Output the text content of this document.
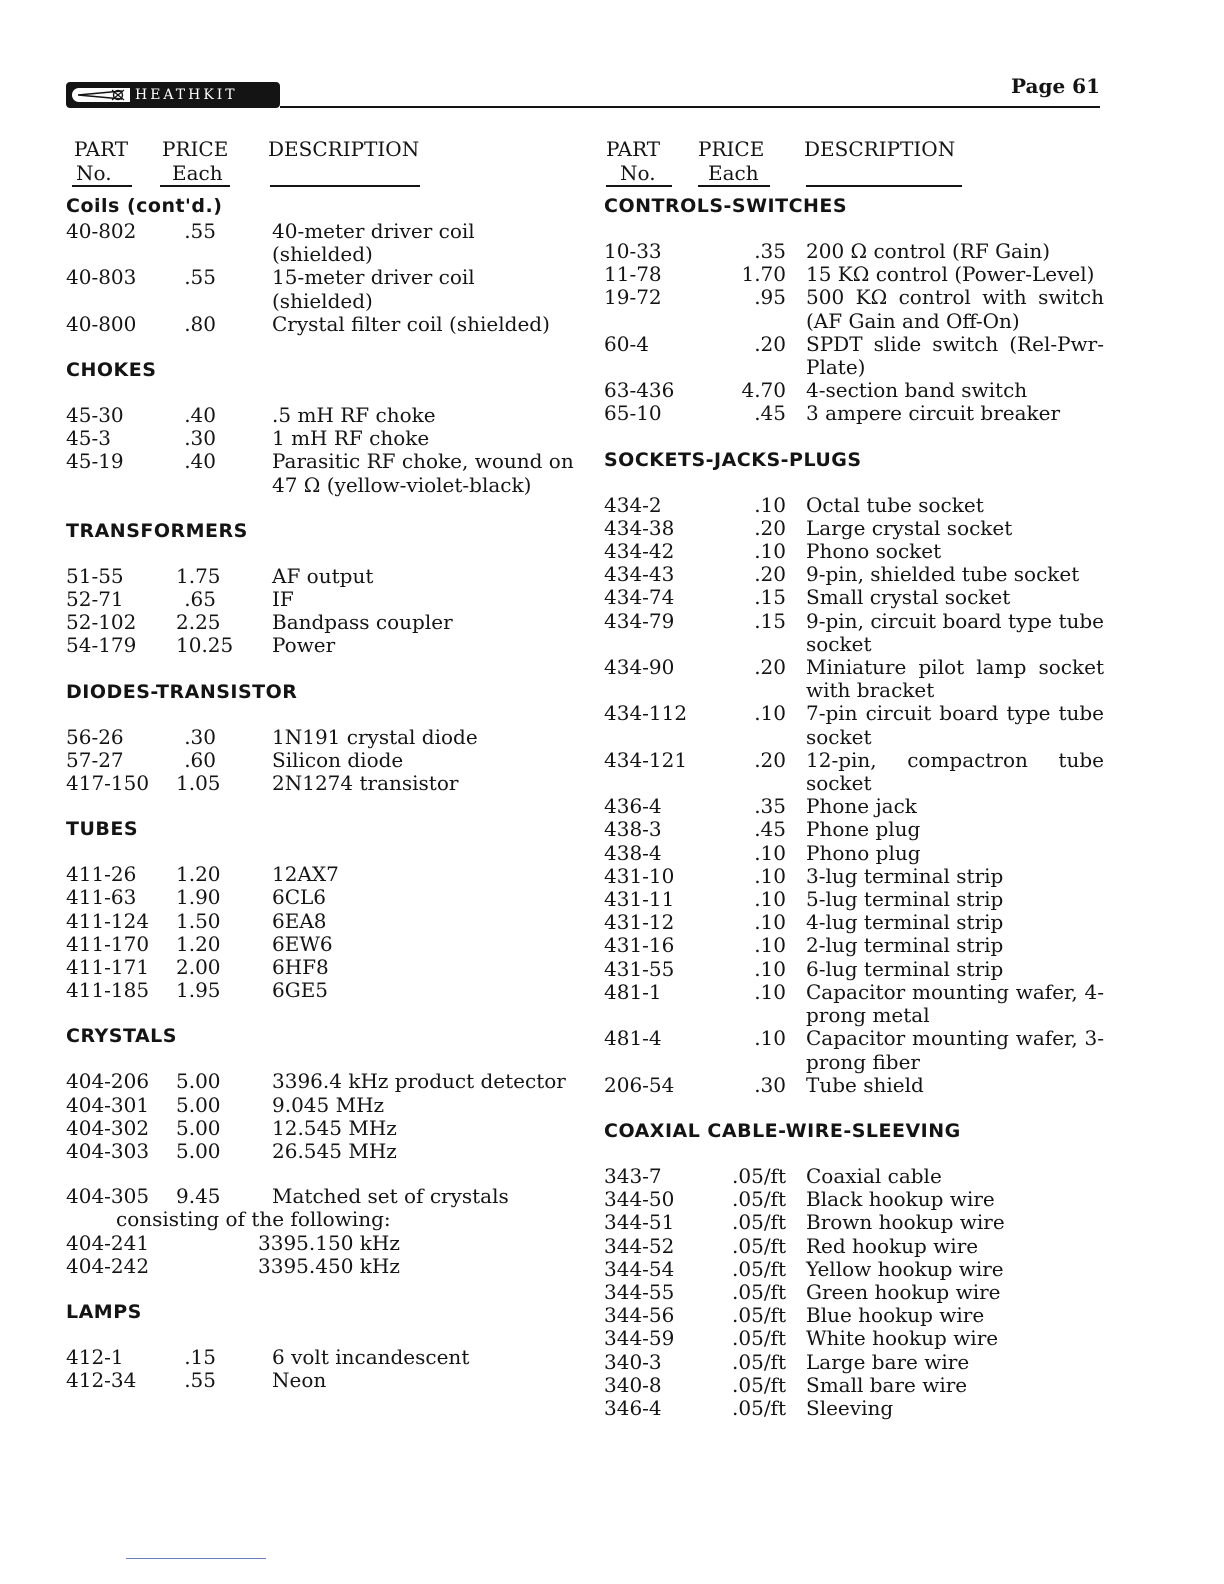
HEATHKIT	Page 61
PART
No.
PRICE
Each
DESCRIPTION
Coils (cont'd.)
40-802	.55	40-meter driver coil (shielded)
40-803	.55	15-meter driver coil (shielded)
40-800	.80	Crystal filter coil (shielded)
CHOKES
45-30	.40	.5 mH RF choke
45-3	.30	1 mH RF choke
45-19	.40	Parasitic RF choke, wound on 47 Ω (yellow-violet-black)
TRANSFORMERS
51-55	1.75	AF output
52-71	.65	IF
52-102	2.25	Bandpass coupler
54-179	10.25 Power
DIODES-TRANSISTOR
56-26	.30	1N191 crystal diode
57-27	.60	Silicon diode
417-150	1.05	2N1274 transistor
TUBES
411-26	1.20	12AX7
411-63	1.90	6CL6
411-124	1.50	6EA8
411-170	1.20	6EW6
411-171	2.00	6HF8
411-185	1.95	6GE5
CRYSTALS
404-206	5.00	3396.4 kHz product detector
404-301	5.00	9.045 MHz
404-302	5.00	12.545 MHz
404-303	5.00	26.545 MHz
404-305	9.45	Matched set of crystals
consisting of the following:
404-241	3395.150 kHz
404-242	3395.450 kHz
LAMPS
412-1	.15	6 volt incandescent
412-34	.55	Neon
PART
No.
PRICE
Each
DESCRIPTION
CONTROLS-SWITCHES
10-33	.35 200 Ω control (RF Gain)
11-78	1.70 15 KΩ control (Power-Level)
19-72	.95 500 KΩ control with switch (AF Gain and Off-On)
60-4	.20 SPDT slide switch (Rel-Pwr-Plate)
63-436	4.70 4-section band switch
65-10	.45 3 ampere circuit breaker
SOCKETS-JACKS-PLUGS
434-2	.10 Octal tube socket
434-38	.20 Large crystal socket
434-42	.10 Phono socket
434-43	.20 9-pin, shielded tube socket
434-74	.15 Small crystal socket
434-79	.15 9-pin, circuit board type tube socket
434-90	.20 Miniature pilot lamp socket with bracket
434-112	.10 7-pin circuit board type tube socket
434-121	.20 12-pin, compactron tube socket
436-4	.35 Phone jack
438-3	.45 Phone plug
438-4	.10 Phono plug
431-10	.10 3-lug terminal strip
431-11	.10 5-lug terminal strip
431-12	.10 4-lug terminal strip
431-16	.10 2-lug terminal strip
431-55	.10 6-lug terminal strip
481-1	.10 Capacitor mounting wafer, 4-prong metal
481-4	.10 Capacitor mounting wafer, 3-prong fiber
206-54	.30 Tube shield
COAXIAL CABLE-WIRE-SLEEVING
343-7	.05/ft Coaxial cable
344-50	.05/ft Black hookup wire
344-51	.05/ft Brown hookup wire
344-52	.05/ft Red hookup wire
344-54	.05/ft Yellow hookup wire
344-55	.05/ft Green hookup wire
344-56	.05/ft Blue hookup wire
344-59	.05/ft White hookup wire
340-3	.05/ft Large bare wire
340-8	.05/ft Small bare wire
346-4	.05/ft Sleeving
